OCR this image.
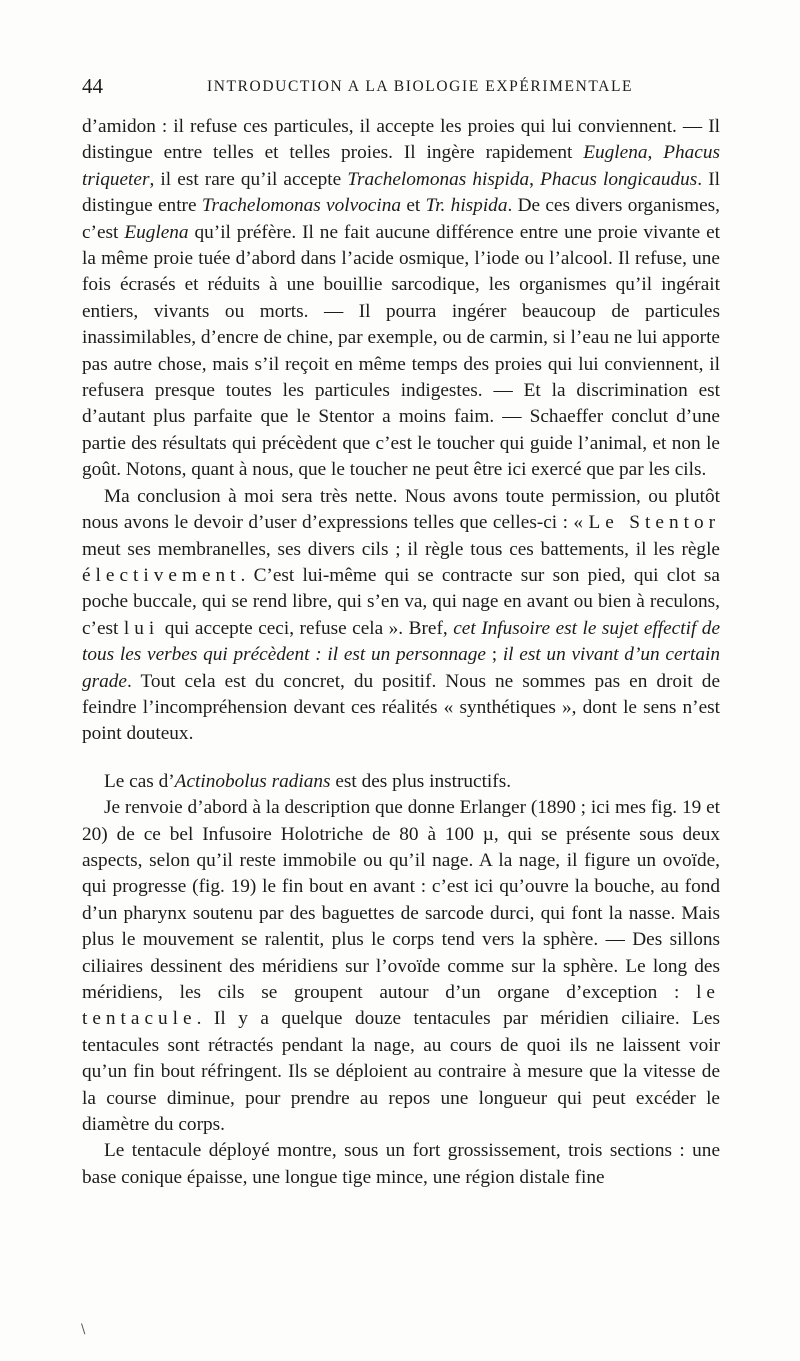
44	INTRODUCTION A LA BIOLOGIE EXPÉRIMENTALE

d’amidon : il refuse ces particules, il accepte les proies qui lui conviennent. — Il distingue entre telles et telles proies. Il ingère rapidement Euglena, Phacus triqueter, il est rare qu’il accepte Trachelomonas hispida, Phacus longicaudus. Il distingue entre Trachelomonas volvocina et Tr. hispida. De ces divers organismes, c’est Euglena qu’il préfère. Il ne fait aucune différence entre une proie vivante et la même proie tuée d’abord dans l’acide osmique, l’iode ou l’alcool. Il refuse, une fois écrasés et réduits à une bouillie sarcodique, les organismes qu’il ingérait entiers, vivants ou morts. — Il pourra ingérer beaucoup de particules inassimilables, d’encre de chine, par exemple, ou de carmin, si l’eau ne lui apporte pas autre chose, mais s’il reçoit en même temps des proies qui lui conviennent, il refusera presque toutes les particules indigestes. — Et la discrimination est d’autant plus parfaite que le Stentor a moins faim. — Schaeffer conclut d’une partie des résultats qui précèdent que c’est le toucher qui guide l’animal, et non le goût. Notons, quant à nous, que le toucher ne peut être ici exercé que par les cils.

Ma conclusion à moi sera très nette. Nous avons toute permission, ou plutôt nous avons le devoir d’user d’expressions telles que celles-ci : « Le Stentor meut ses membranelles, ses divers cils ; il règle tous ces battements, il les règle électivement. C’est lui-même qui se contracte sur son pied, qui clot sa poche buccale, qui se rend libre, qui s’en va, qui nage en avant ou bien à reculons, c’est lui qui accepte ceci, refuse cela ». Bref, cet Infusoire est le sujet effectif de tous les verbes qui précèdent : il est un personnage ; il est un vivant d’un certain grade. Tout cela est du concret, du positif. Nous ne sommes pas en droit de feindre l’incompréhension devant ces réalités « synthétiques », dont le sens n’est point douteux.

Le cas d’Actinobolus radians est des plus instructifs.

Je renvoie d’abord à la description que donne Erlanger (1890 ; ici mes fig. 19 et 20) de ce bel Infusoire Holotriche de 80 à 100 µ, qui se présente sous deux aspects, selon qu’il reste immobile ou qu’il nage. A la nage, il figure un ovoïde, qui progresse (fig. 19) le fin bout en avant : c’est ici qu’ouvre la bouche, au fond d’un pharynx soutenu par des baguettes de sarcode durci, qui font la nasse. Mais plus le mouvement se ralentit, plus le corps tend vers la sphère. — Des sillons ciliaires dessinent des méridiens sur l’ovoïde comme sur la sphère. Le long des méridiens, les cils se groupent autour d’un organe d’exception : le tentacule. Il y a quelque douze tentacules par méridien ciliaire. Les tentacules sont rétractés pendant la nage, au cours de quoi ils ne laissent voir qu’un fin bout réfringent. Ils se déploient au contraire à mesure que la vitesse de la course diminue, pour prendre au repos une longueur qui peut excéder le diamètre du corps.

Le tentacule déployé montre, sous un fort grossissement, trois sections : une base conique épaisse, une longue tige mince, une région distale fine

\
